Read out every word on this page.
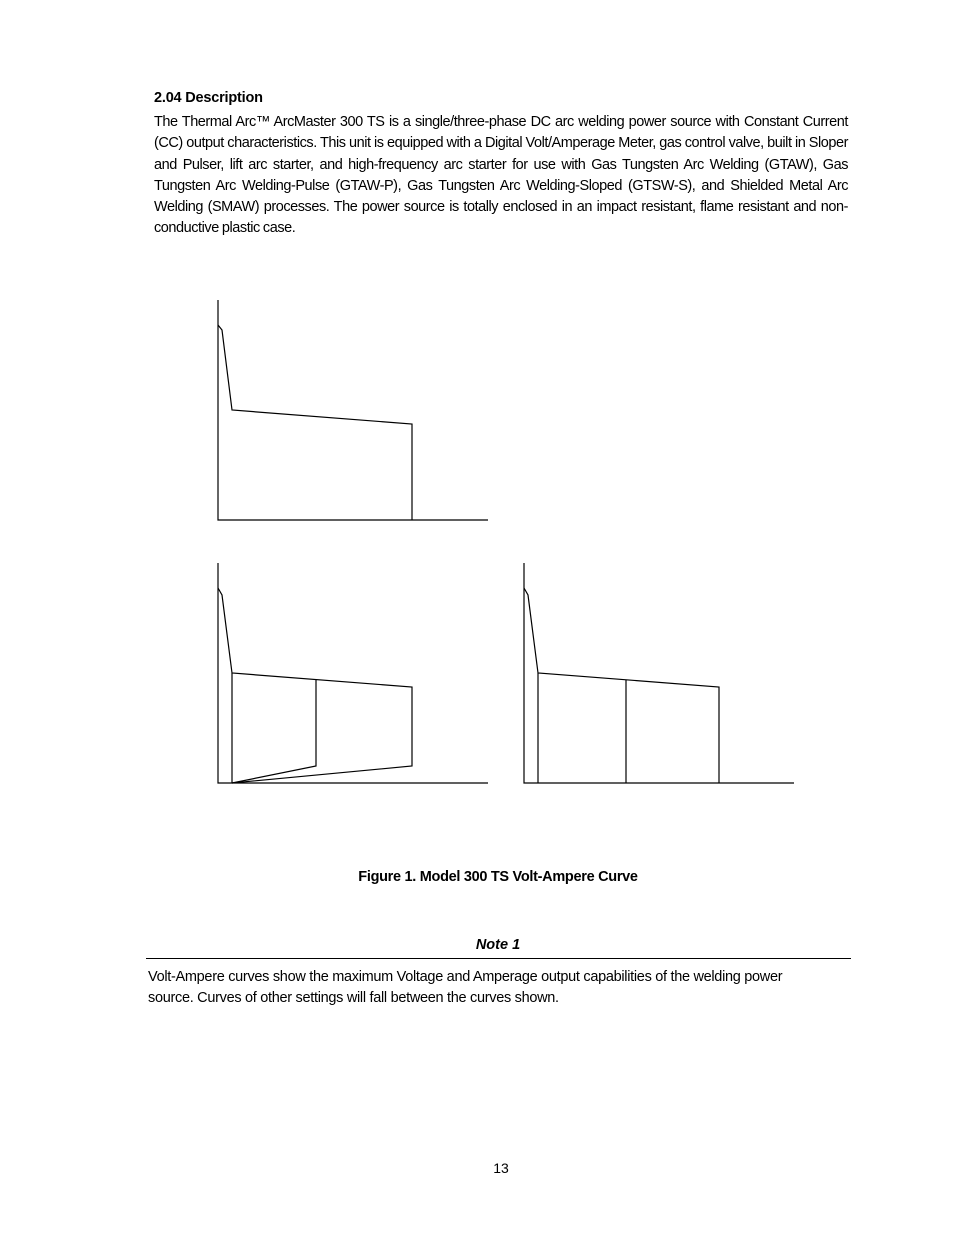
2.04 Description

The Thermal Arc™ ArcMaster 300 TS is a single/three-phase DC arc welding power source with Constant Current (CC) output characteristics. This unit is equipped with a Digital Volt/Amperage Meter, gas control valve, built in Sloper and Pulser, lift arc starter, and high-frequency arc starter for use with Gas Tungsten Arc Welding (GTAW), Gas Tungsten Arc Welding-Pulse (GTAW-P), Gas Tungsten Arc Welding-Sloped (GTSW-S), and Shielded Metal Arc Welding (SMAW) processes. The power source is totally enclosed in an impact resistant, flame resistant and non-conductive plastic case.

Figure 1. Model 300 TS Volt-Ampere Curve

Note 1

Volt-Ampere curves show the maximum Voltage and Amperage output capabilities of the welding power source. Curves of other settings will fall between the curves shown.

13
